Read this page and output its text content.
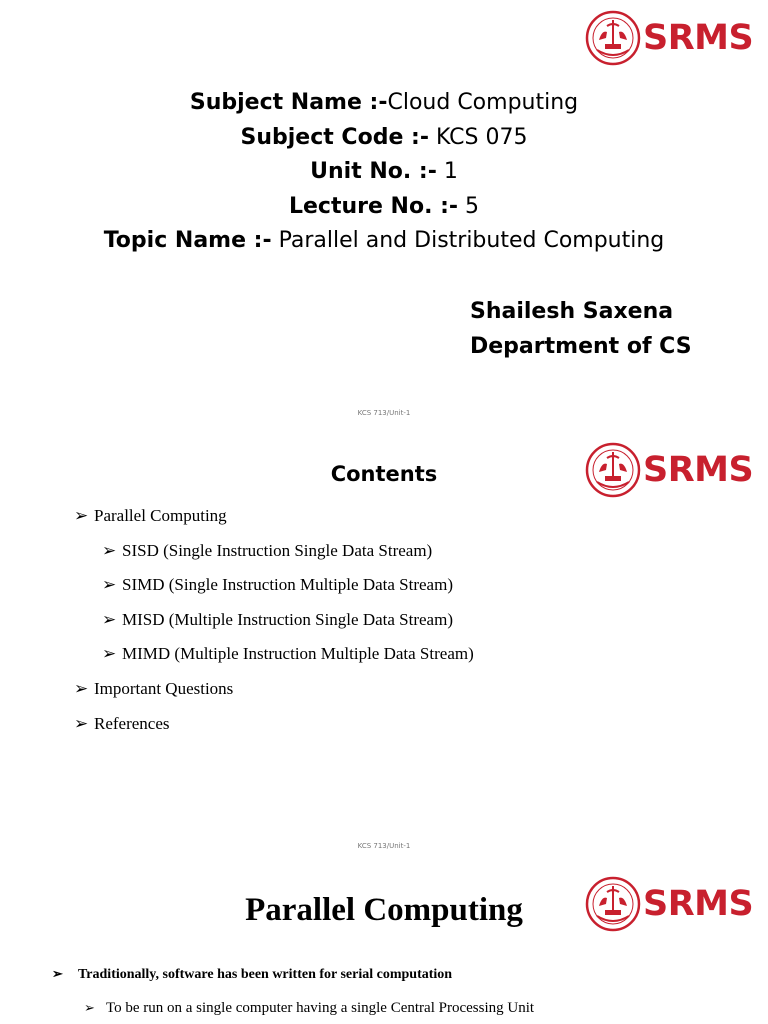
SRMS
Subject Name :-Cloud Computing
Subject Code :- KCS 075
Unit No. :- 1
Lecture No. :- 5
Topic Name :- Parallel and Distributed Computing
Shailesh Saxena
Department of CS
KCS 713/Unit-1
SRMS
Contents
➢ Parallel Computing
➢ SISD (Single Instruction Single Data Stream)
➢ SIMD (Single Instruction Multiple Data Stream)
➢ MISD (Multiple Instruction Single Data Stream)
➢ MIMD (Multiple Instruction Multiple Data Stream)
➢ Important Questions
➢ References
KCS 713/Unit-1
SRMS
Parallel Computing
➢ Traditionally, software has been written for serial computation
➢ To be run on a single computer having a single Central Processing Unit
